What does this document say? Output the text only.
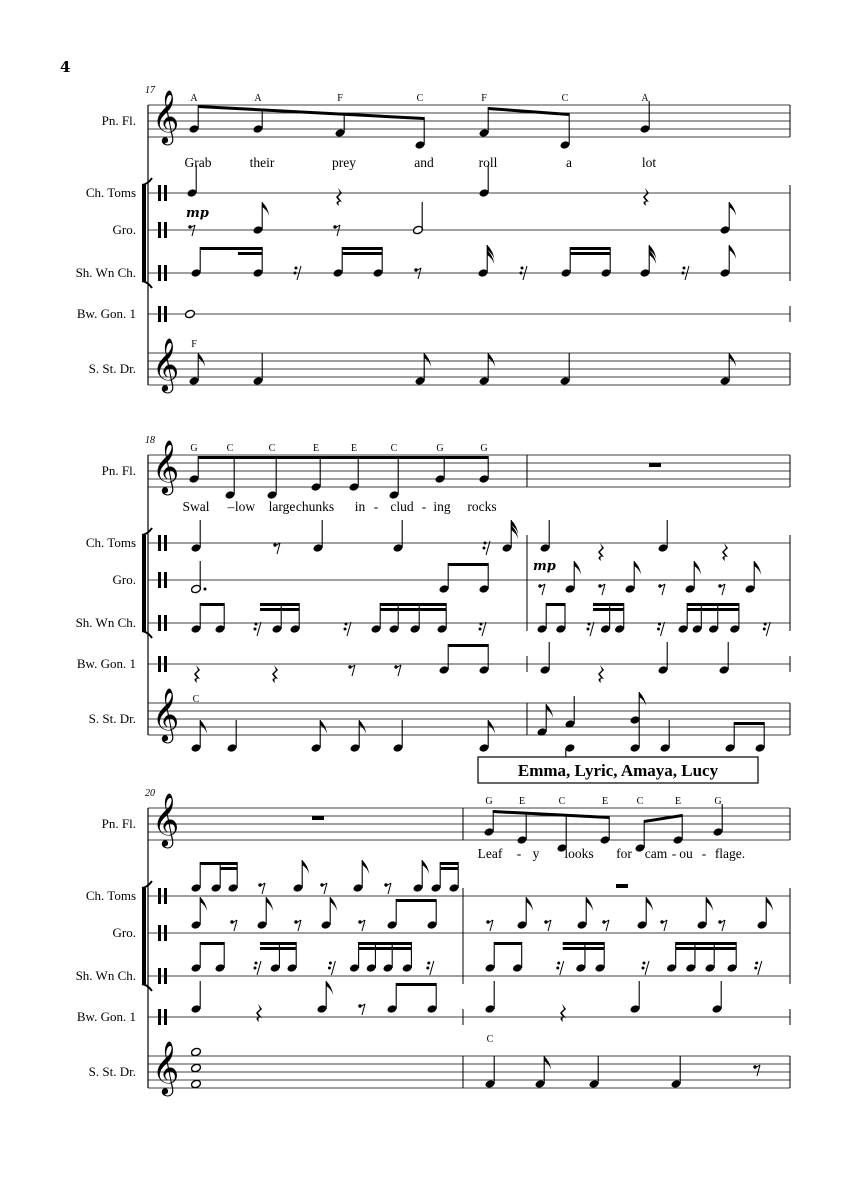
4
Pn. Fl.
Ch. Toms
Gro.
Sh. Wn Ch.
Bw. Gon. 1
S. St. Dr.
𝄞
𝄞
17
A
Grab
A
their
F
prey
C
and
F
roll
C
a
A
lot
mp
F
Pn. Fl.
Ch. Toms
Gro.
Sh. Wn Ch.
Bw. Gon. 1
S. St. Dr.
𝄞
𝄞
18
G	C	C	E	E	C	G	G
Swal – low large chunks in - clud - ing rocks
mp
C
Emma, Lyric, Amaya, Lucy
Pn. Fl.
Ch. Toms
Gro.
Sh. Wn Ch.
Bw. Gon. 1
S. St. Dr.
𝄞
𝄞
20
G	E	C	E	C	E	G
Leaf - y looks for cam - ou - flage.
C
